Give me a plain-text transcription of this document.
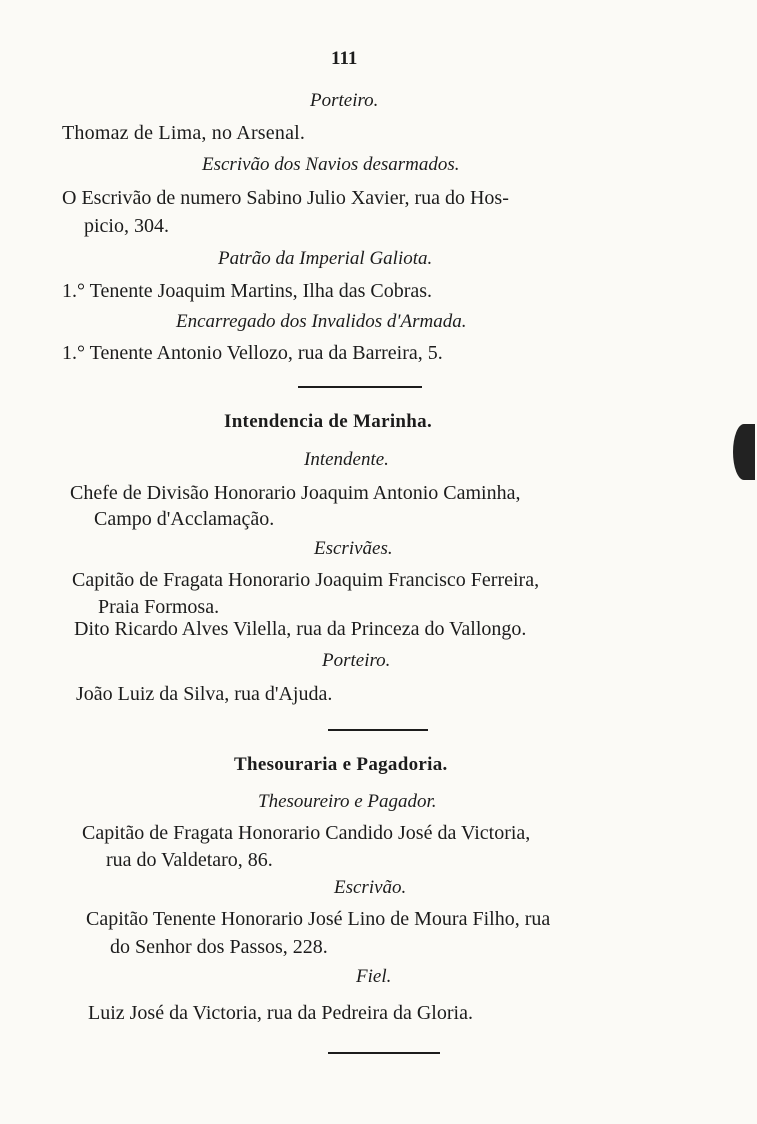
111
Porteiro.
Thomaz de Lima, no Arsenal.
Escrivão dos Navios desarmados.
O Escrivão de numero Sabino Julio Xavier, rua do Hos-
picio, 304.
Patrão da Imperial Galiota.
1.° Tenente Joaquim Martins, Ilha das Cobras.
Encarregado dos Invalidos d'Armada.
1.° Tenente Antonio Vellozo, rua da Barreira, 5.
Intendencia de Marinha.
Intendente.
Chefe de Divisão Honorario Joaquim Antonio Caminha,
Campo d'Acclamação.
Escrivães.
Capitão de Fragata Honorario Joaquim Francisco Ferreira,
Praia Formosa.
Dito Ricardo Alves Vilella, rua da Princeza do Vallongo.
Porteiro.
João Luiz da Silva, rua d'Ajuda.
Thesouraria e Pagadoria.
Thesoureiro e Pagador.
Capitão de Fragata Honorario Candido José da Victoria,
rua do Valdetaro, 86.
Escrivão.
Capitão Tenente Honorario José Lino de Moura Filho, rua
do Senhor dos Passos, 228.
Fiel.
Luiz José da Victoria, rua da Pedreira da Gloria.
